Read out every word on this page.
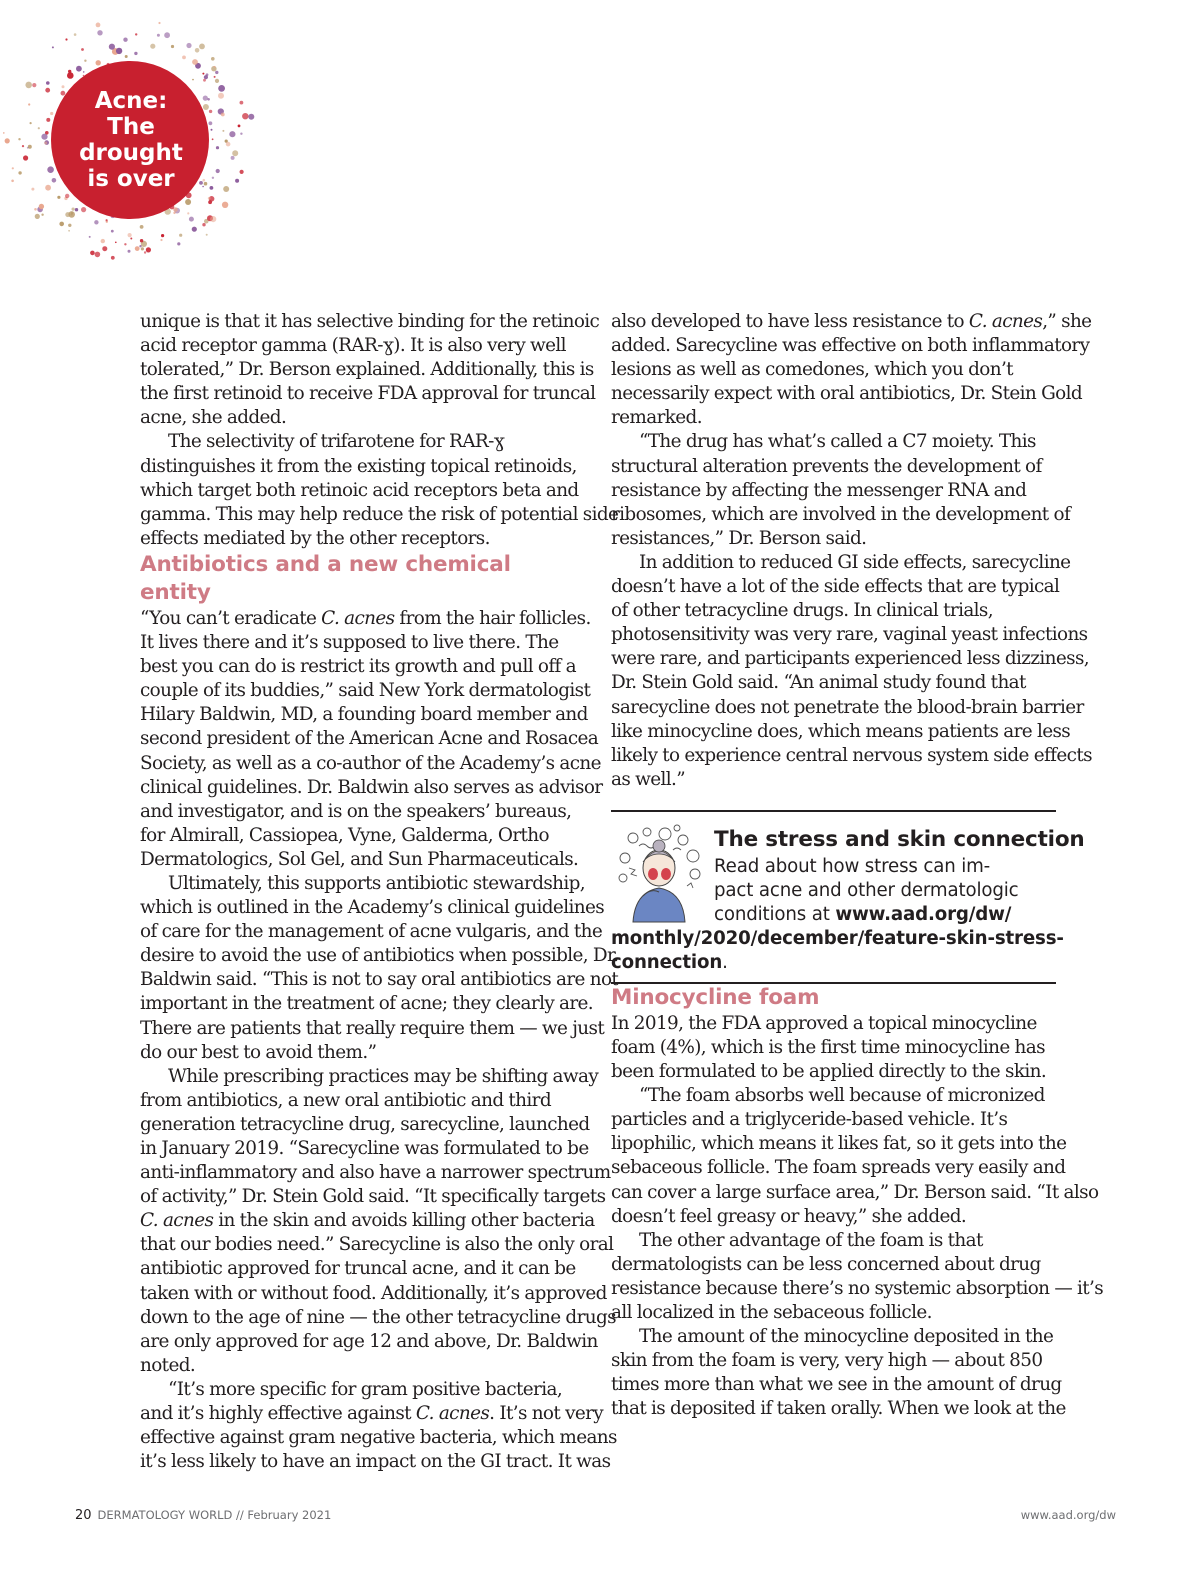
Acne:
The drought
is over

unique is that it has selective binding for the retinoic
acid receptor gamma (RAR-ɣ). It is also very well
tolerated,” Dr. Berson explained. Additionally, this is
the first retinoid to receive FDA approval for truncal
acne, she added.

The selectivity of trifarotene for RAR-ɣ
distinguishes it from the existing topical retinoids,
which target both retinoic acid receptors beta and
gamma. This may help reduce the risk of potential side
effects mediated by the other receptors.

Antibiotics and a new chemical entity

“You can’t eradicate C. acnes from the hair follicles.
It lives there and it’s supposed to live there. The
best you can do is restrict its growth and pull off a
couple of its buddies,” said New York dermatologist
Hilary Baldwin, MD, a founding board member and
second president of the American Acne and Rosacea
Society, as well as a co-author of the Academy’s acne
clinical guidelines. Dr. Baldwin also serves as advisor
and investigator, and is on the speakers’ bureaus,
for Almirall, Cassiopea, Vyne, Galderma, Ortho
Dermatologics, Sol Gel, and Sun Pharmaceuticals.

Ultimately, this supports antibiotic stewardship,
which is outlined in the Academy’s clinical guidelines
of care for the management of acne vulgaris, and the
desire to avoid the use of antibiotics when possible, Dr.
Baldwin said. “This is not to say oral antibiotics are not
important in the treatment of acne; they clearly are.
There are patients that really require them — we just
do our best to avoid them.”

While prescribing practices may be shifting away
from antibiotics, a new oral antibiotic and third
generation tetracycline drug, sarecycline, launched
in January 2019. “Sarecycline was formulated to be
anti-inflammatory and also have a narrower spectrum
of activity,” Dr. Stein Gold said. “It specifically targets
C. acnes in the skin and avoids killing other bacteria
that our bodies need.” Sarecycline is also the only oral
antibiotic approved for truncal acne, and it can be
taken with or without food. Additionally, it’s approved
down to the age of nine — the other tetracycline drugs
are only approved for age 12 and above, Dr. Baldwin
noted.

“It’s more specific for gram positive bacteria,
and it’s highly effective against C. acnes. It’s not very
effective against gram negative bacteria, which means
it’s less likely to have an impact on the GI tract. It was

also developed to have less resistance to C. acnes,” she
added. Sarecycline was effective on both inflammatory
lesions as well as comedones, which you don’t
necessarily expect with oral antibiotics, Dr. Stein Gold
remarked.

“The drug has what’s called a C7 moiety. This
structural alteration prevents the development of
resistance by affecting the messenger RNA and
ribosomes, which are involved in the development of
resistances,” Dr. Berson said.

In addition to reduced GI side effects, sarecycline
doesn’t have a lot of the side effects that are typical
of other tetracycline drugs. In clinical trials,
photosensitivity was very rare, vaginal yeast infections
were rare, and participants experienced less dizziness,
Dr. Stein Gold said. “An animal study found that
sarecycline does not penetrate the blood-brain barrier
like minocycline does, which means patients are less
likely to experience central nervous system side effects
as well.”

The stress and skin connection
Read about how stress can im-
pact acne and other dermatologic
conditions at www.aad.org/dw/
monthly/2020/december/feature-skin-stress-
connection.
Minocycline foam

In 2019, the FDA approved a topical minocycline
foam (4%), which is the first time minocycline has
been formulated to be applied directly to the skin.

“The foam absorbs well because of micronized
particles and a triglyceride-based vehicle. It’s
lipophilic, which means it likes fat, so it gets into the
sebaceous follicle. The foam spreads very easily and
can cover a large surface area,” Dr. Berson said. “It also
doesn’t feel greasy or heavy,” she added.

The other advantage of the foam is that
dermatologists can be less concerned about drug
resistance because there’s no systemic absorption — it’s
all localized in the sebaceous follicle.

The amount of the minocycline deposited in the
skin from the foam is very, very high — about 850
times more than what we see in the amount of drug
that is deposited if taken orally. When we look at the

20 DERMATOLOGY WORLD // February 2021	www.aad.org/dw
